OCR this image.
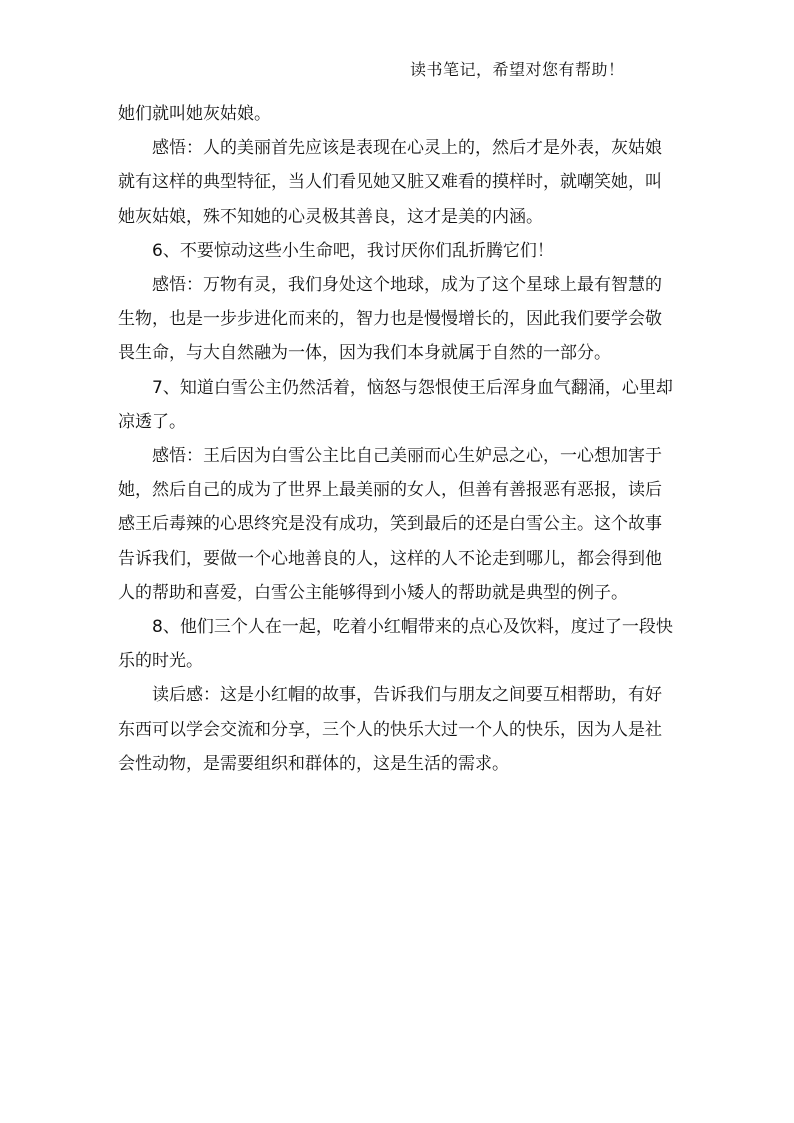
读书笔记，希望对您有帮助！

她们就叫她灰姑娘。

感悟：人的美丽首先应该是表现在心灵上的，然后才是外表，灰姑娘就有这样的典型特征，当人们看见她又脏又难看的摸样时，就嘲笑她，叫她灰姑娘，殊不知她的心灵极其善良，这才是美的内涵。

6、不要惊动这些小生命吧，我讨厌你们乱折腾它们！

感悟：万物有灵，我们身处这个地球，成为了这个星球上最有智慧的生物，也是一步步进化而来的，智力也是慢慢增长的，因此我们要学会敬畏生命，与大自然融为一体，因为我们本身就属于自然的一部分。

7、知道白雪公主仍然活着，恼怒与怨恨使王后浑身血气翻涌，心里却凉透了。

感悟：王后因为白雪公主比自己美丽而心生妒忌之心，一心想加害于她，然后自己的成为了世界上最美丽的女人，但善有善报恶有恶报，读后感王后毒辣的心思终究是没有成功，笑到最后的还是白雪公主。这个故事告诉我们，要做一个心地善良的人，这样的人不论走到哪儿，都会得到他人的帮助和喜爱，白雪公主能够得到小矮人的帮助就是典型的例子。

8、他们三个人在一起，吃着小红帽带来的点心及饮料，度过了一段快乐的时光。

读后感：这是小红帽的故事，告诉我们与朋友之间要互相帮助，有好东西可以学会交流和分享，三个人的快乐大过一个人的快乐，因为人是社会性动物，是需要组织和群体的，这是生活的需求。
